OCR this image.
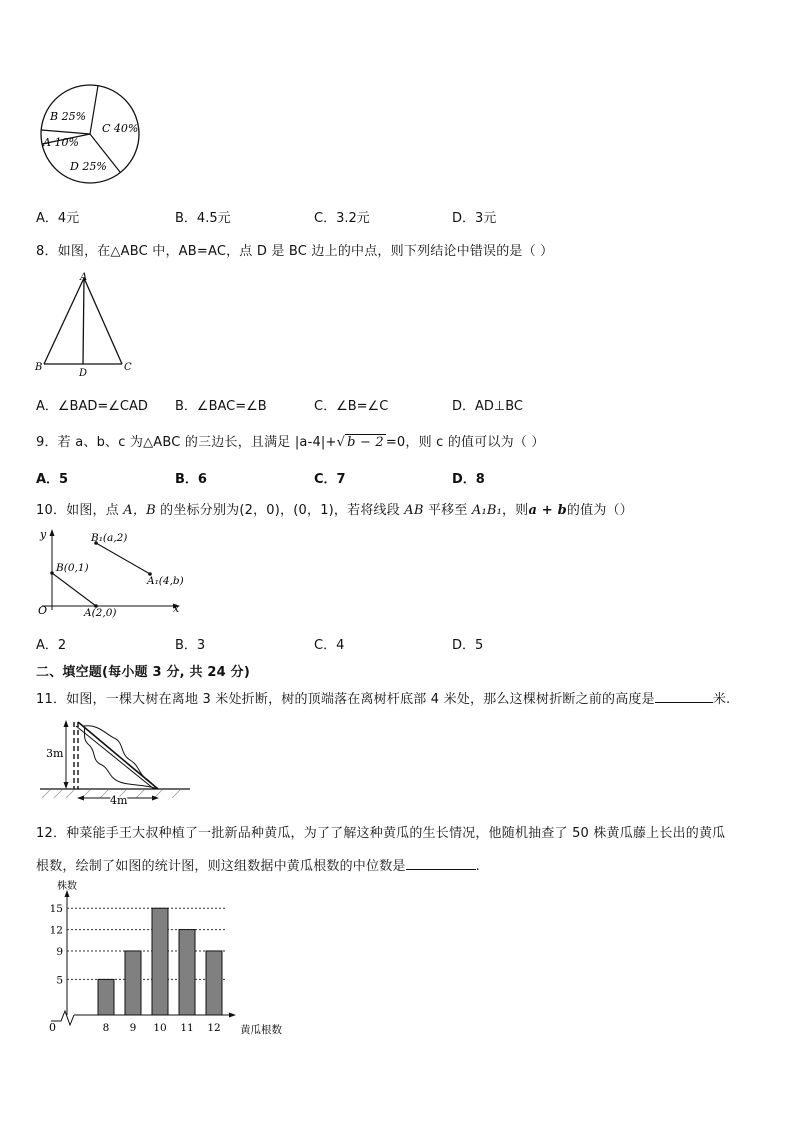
B 25%
C 40%
D 25%
A 10%
A．4元	B．4.5元	C．3.2元	D．3元
8．如图，在△ABC 中，AB=AC，点 D 是 BC 边上的中点，则下列结论中错误的是（ ）
A
B	C
D
A．∠BAD=∠CAD B．∠BAC=∠B	C．∠B=∠C	D．AD⊥BC
9．若 a、b、c 为△ABC 的三边长，且满足 |a-4|+√ b − 2 =0，则 c 的值可以为（ ）
A．5	B．6	C．7	D．8
10．如图，点 A，B 的坐标分别为(2，0)，(0，1)，若将线段 AB 平移至 A₁B₁，则a + b的值为（）
y
x
O
B(0,1)
A(2,0)
B₁(a,2)
A₁(4,b)
A．2	B．3	C．4	D．5
二、填空题(每小题 3 分, 共 24 分)
11．如图，一棵大树在离地 3 米处折断，树的顶端落在离树杆底部 4 米处，那么这棵树折断之前的高度是	米.
3m
4m
12．种菜能手王大叔种植了一批新品种黄瓜，为了了解这种黄瓜的生长情况，他随机抽查了 50 株黄瓜藤上长出的黄瓜
根数，绘制了如图的统计图，则这组数据中黄瓜根数的中位数是	.
株数
黄瓜根数
0
5
9
12
15
8 9 10 11 12
